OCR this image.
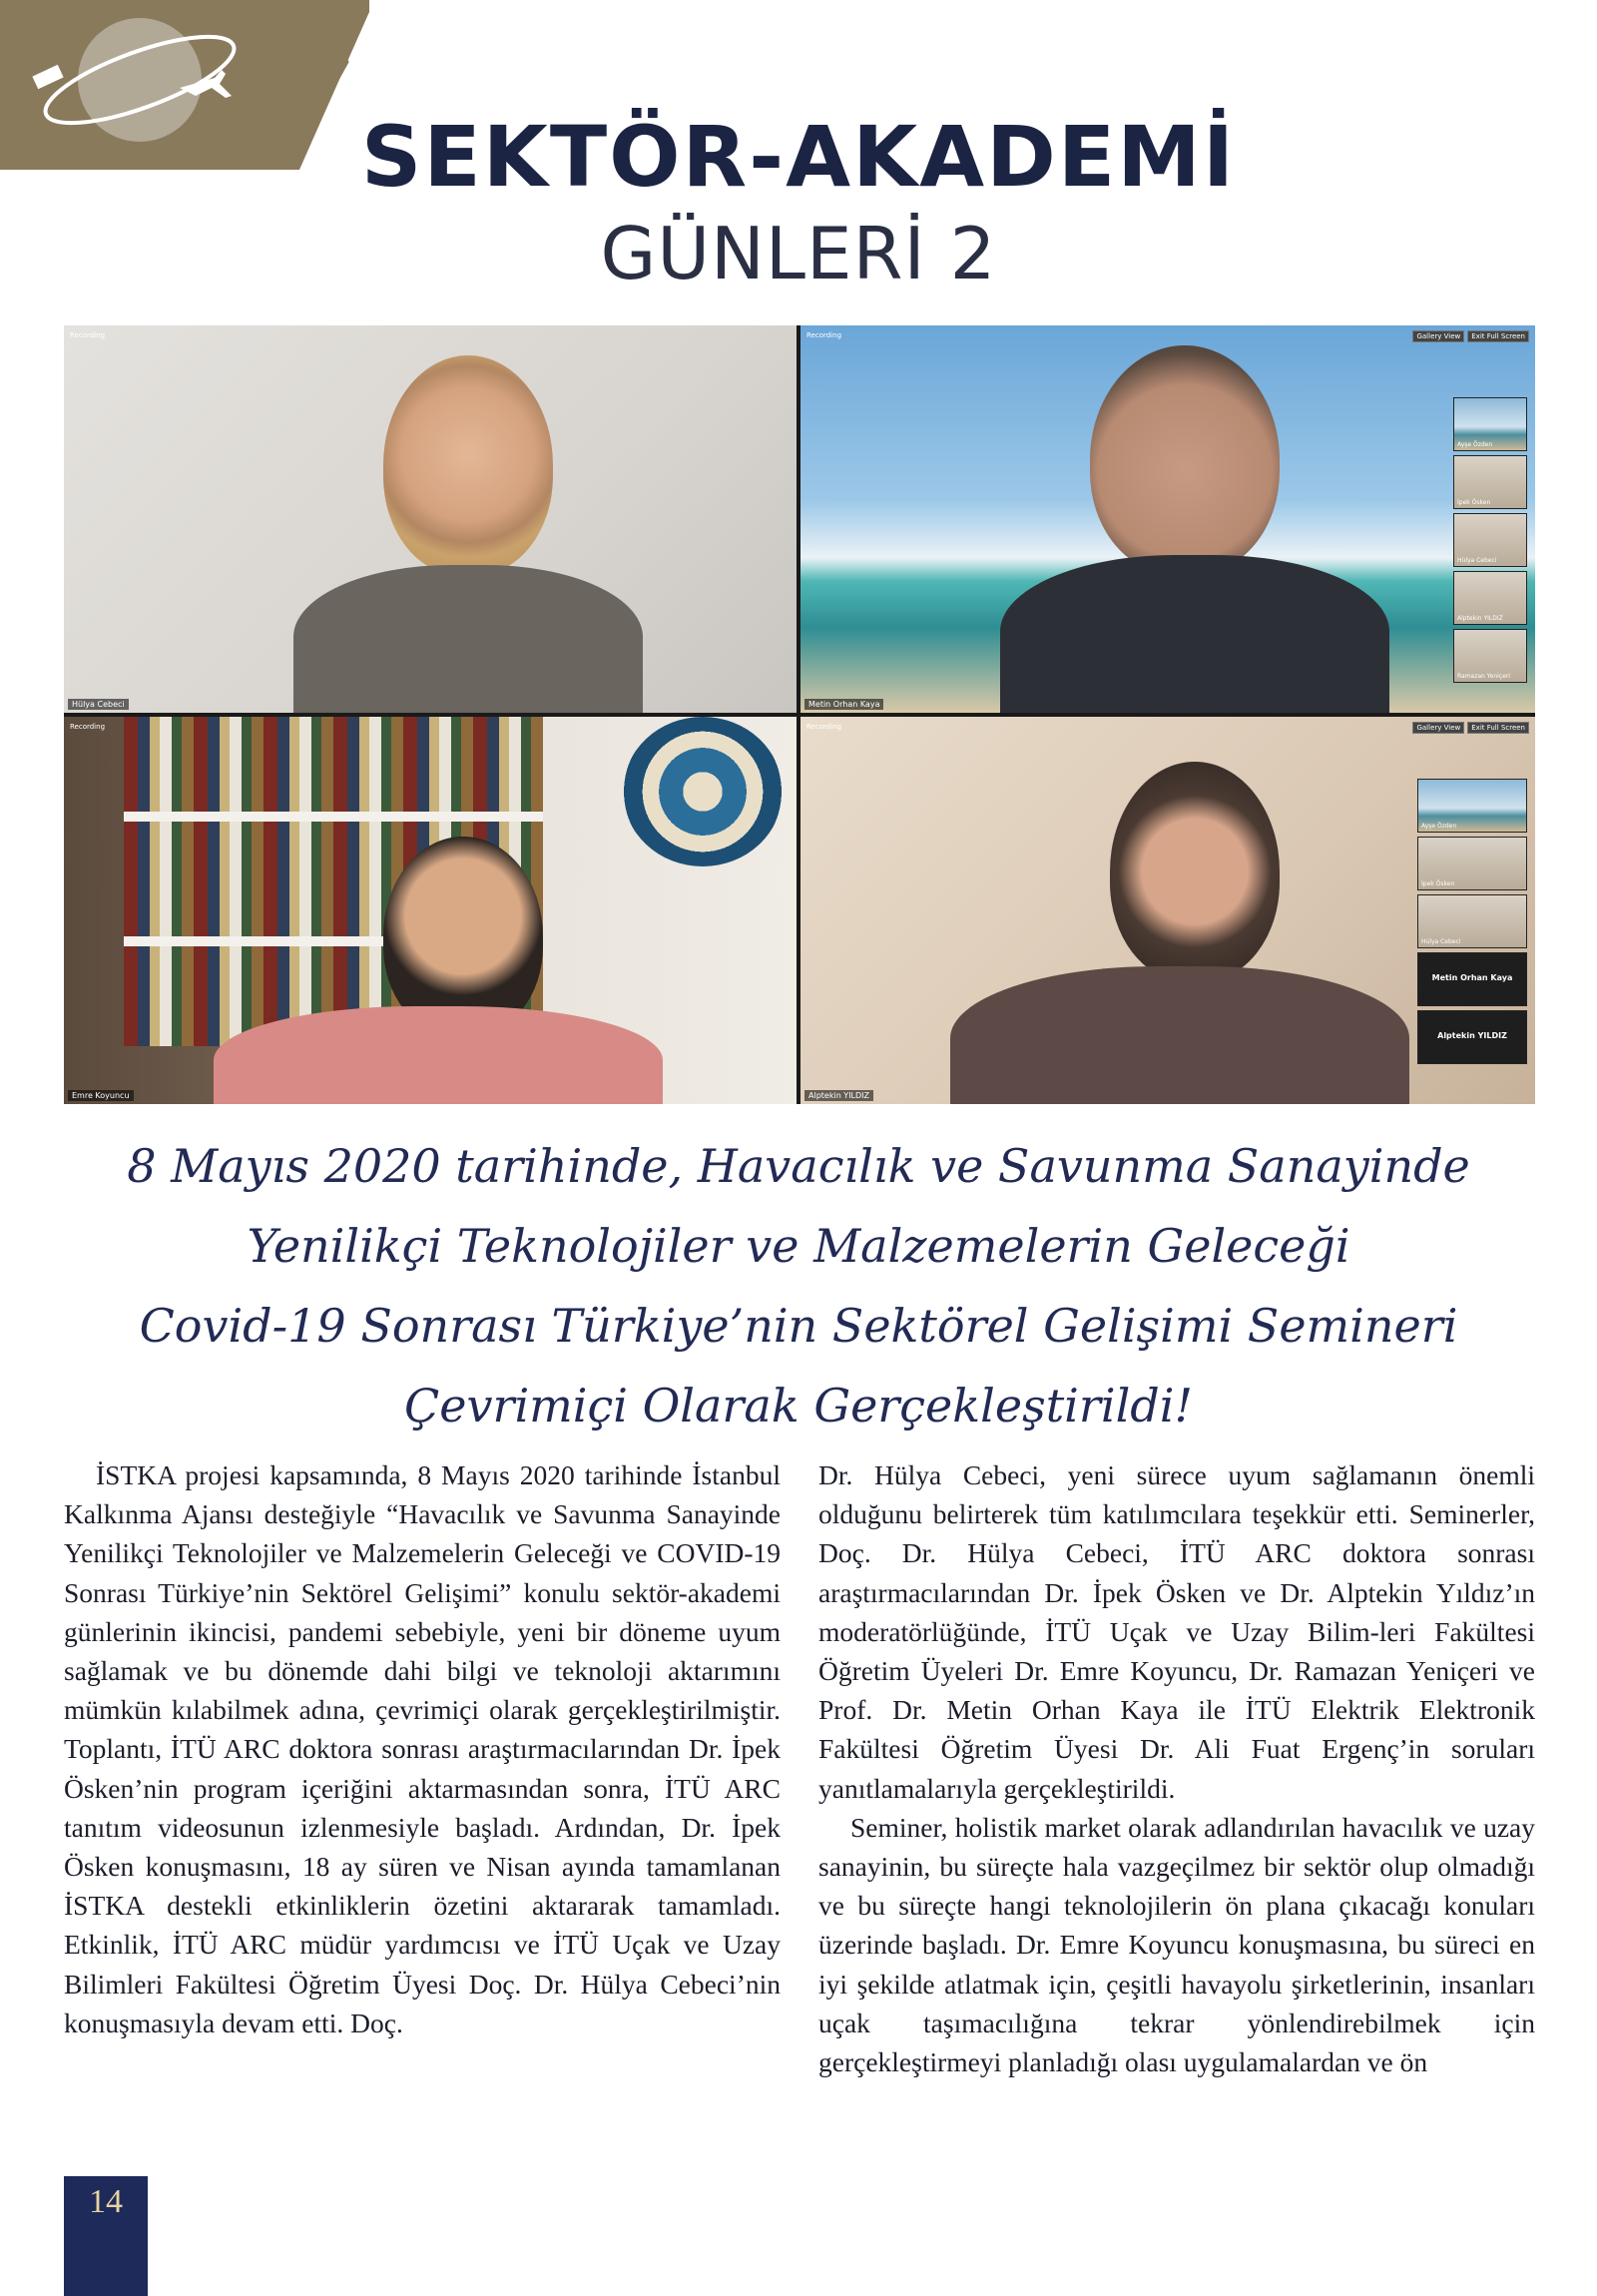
SEKTÖR-AKADEMİ
GÜNLERİ 2
Recording
Hülya Cebeci
Recording	Gallery View	Exit Full Screen
Ayşe Özden
İpek Ösken
Hülya Cebeci
Alptekin YILDIZ
Ramazan Yeniçeri
Metin Orhan Kaya
Recording
Emre Koyuncu
Recording	Gallery View	Exit Full Screen
Ayşe Özden
İpek Ösken
Hülya Cebeci
Metin Orhan Kaya
Alptekin YILDIZ
Alptekin YILDIZ
8 Mayıs 2020 tarihinde, Havacılık ve Savunma Sanayinde
Yenilikçi Teknolojiler ve Malzemelerin Geleceği
Covid-19 Sonrası Türkiye’nin Sektörel Gelişimi Semineri
Çevrimiçi Olarak Gerçekleştirildi!

İSTKA projesi kapsamında, 8 Mayıs 2020 tarihinde İstanbul Kalkınma Ajansı desteğiyle “Havacılık ve Savunma Sanayinde Yenilikçi Teknolojiler ve Malzemelerin Geleceği ve COVID-19 Sonrası Türkiye’nin Sektörel Gelişimi” konulu sektör-akademi günlerinin ikincisi, pandemi sebebiyle, yeni bir döneme uyum sağlamak ve bu dönemde dahi bilgi ve teknoloji aktarımını mümkün kılabilmek adına, çevrimiçi olarak gerçekleştirilmiştir. Toplantı, İTÜ ARC doktora sonrası araştırmacılarından Dr. İpek Ösken’nin program içeriğini aktarmasından sonra, İTÜ ARC tanıtım videosunun izlenmesiyle başladı. Ardından, Dr. İpek Ösken konuşmasını, 18 ay süren ve Nisan ayında tamamlanan İSTKA destekli etkinliklerin özetini aktararak tamamladı. Etkinlik, İTÜ ARC müdür yardımcısı ve İTÜ Uçak ve Uzay Bilimleri Fakültesi Öğretim Üyesi Doç. Dr. Hülya Cebeci’nin konuşmasıyla devam etti. Doç.

Dr. Hülya Cebeci, yeni sürece uyum sağlamanın önemli olduğunu belirterek tüm katılımcılara teşekkür etti. Seminerler, Doç. Dr. Hülya Cebeci, İTÜ ARC doktora sonrası araştırmacılarından Dr. İpek Ösken ve Dr. Alptekin Yıldız’ın moderatörlüğünde, İTÜ Uçak ve Uzay Bilim-leri Fakültesi Öğretim Üyeleri Dr. Emre Koyuncu, Dr. Ramazan Yeniçeri ve Prof. Dr. Metin Orhan Kaya ile İTÜ Elektrik Elektronik Fakültesi Öğretim Üyesi Dr. Ali Fuat Ergenç’in soruları yanıtlamalarıyla gerçekleştirildi.

Seminer, holistik market olarak adlandırılan havacılık ve uzay sanayinin, bu süreçte hala vazgeçilmez bir sektör olup olmadığı ve bu süreçte hangi teknolojilerin ön plana çıkacağı konuları üzerinde başladı. Dr. Emre Koyuncu konuşmasına, bu süreci en iyi şekilde atlatmak için, çeşitli havayolu şirketlerinin, insanları uçak taşımacılığına tekrar yönlendirebilmek için gerçekleştirmeyi planladığı olası uygulamalardan ve ön

14
